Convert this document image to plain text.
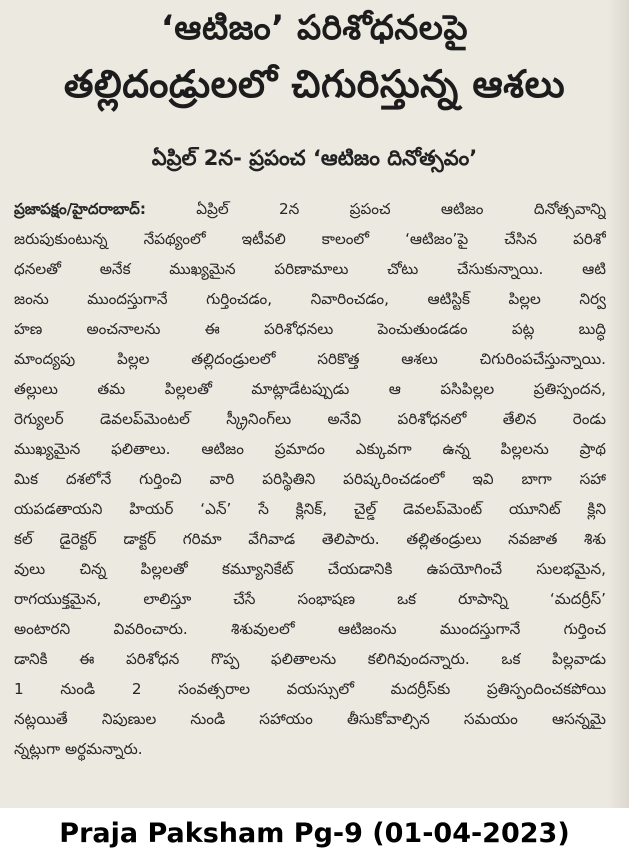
‘ఆటిజం’ పరిశోధనలపై
తల్లిదండ్రులలో చిగురిస్తున్న ఆశలు
ఏప్రిల్ 2న- ప్రపంచ ‘ఆటిజం దినోత్సవం’
ప్రజాపక్షం/హైదరాబాద్:	ఏప్రిల్ 2న ప్రపంచ ఆటిజం దినోత్సవాన్ని
జరుపుకుంటున్న నేపథ్యంలో ఇటీవలి కాలంలో ‘ఆటిజం’పై చేసిన పరిశో
ధనలతో అనేక ముఖ్యమైన పరిణామాలు చోటు చేసుకున్నాయి. ఆటి
జంను ముందస్తుగానే గుర్తించడం, నివారించడం, ఆటిస్టిక్ పిల్లల నిర్వ
హణ అంచనాలను ఈ పరిశోధనలు పెంచుతుండడం పట్ల బుద్ధి
మాంద్యపు పిల్లల తల్లిదండ్రులలో సరికొత్త ఆశలు చిగురింపచేస్తున్నాయి.
తల్లులు తమ పిల్లలతో మాట్లాడేటప్పుడు ఆ పసిపిల్లల ప్రతిస్పందన,
రెగ్యులర్ డెవలప్‌మెంటల్ స్క్రీనింగ్‌లు అనేవి పరిశోధనలో తేలిన రెండు
ముఖ్యమైన ఫలితాలు. ఆటిజం ప్రమాదం ఎక్కువగా ఉన్న పిల్లలను ప్రాథ
మిక దశలోనే గుర్తించి వారి పరిస్థితిని పరిష్కరించడంలో ఇవి బాగా సహా
యపడతాయని హియర్ ‘ఎన్’ సే క్లినిక్, చైల్డ్ డెవలప్‌మెంట్ యూనిట్ క్లిని
కల్ డైరెక్టర్ డాక్టర్ గరిమా వేగివాడ తెలిపారు. తల్లితండ్రులు నవజాత శిశు
వులు చిన్న పిల్లలతో కమ్యూనికేట్ చేయడానికి ఉపయోగించే సులభమైన,
రాగయుక్తమైన, లాలిస్తూ చేసే సంభాషణ ఒక రూపాన్ని ‘మదర్రీస్’
అంటారని వివరించారు. శిశువులలో ఆటిజంను ముందస్తుగానే గుర్తించ
డానికి ఈ పరిశోధన గొప్ప ఫలితాలను కలిగివుందన్నారు. ఒక పిల్లవాడు
1 నుండి 2 సంవత్సరాల వయస్సులో మదర్రీస్‌కు ప్రతిస్పందించకపోయి
నట్లయితే నిపుణుల నుండి సహాయం తీసుకోవాల్సిన సమయం ఆసన్నమై
న్నట్లుగా అర్థమన్నారు.
Praja Paksham Pg-9 (01-04-2023)
